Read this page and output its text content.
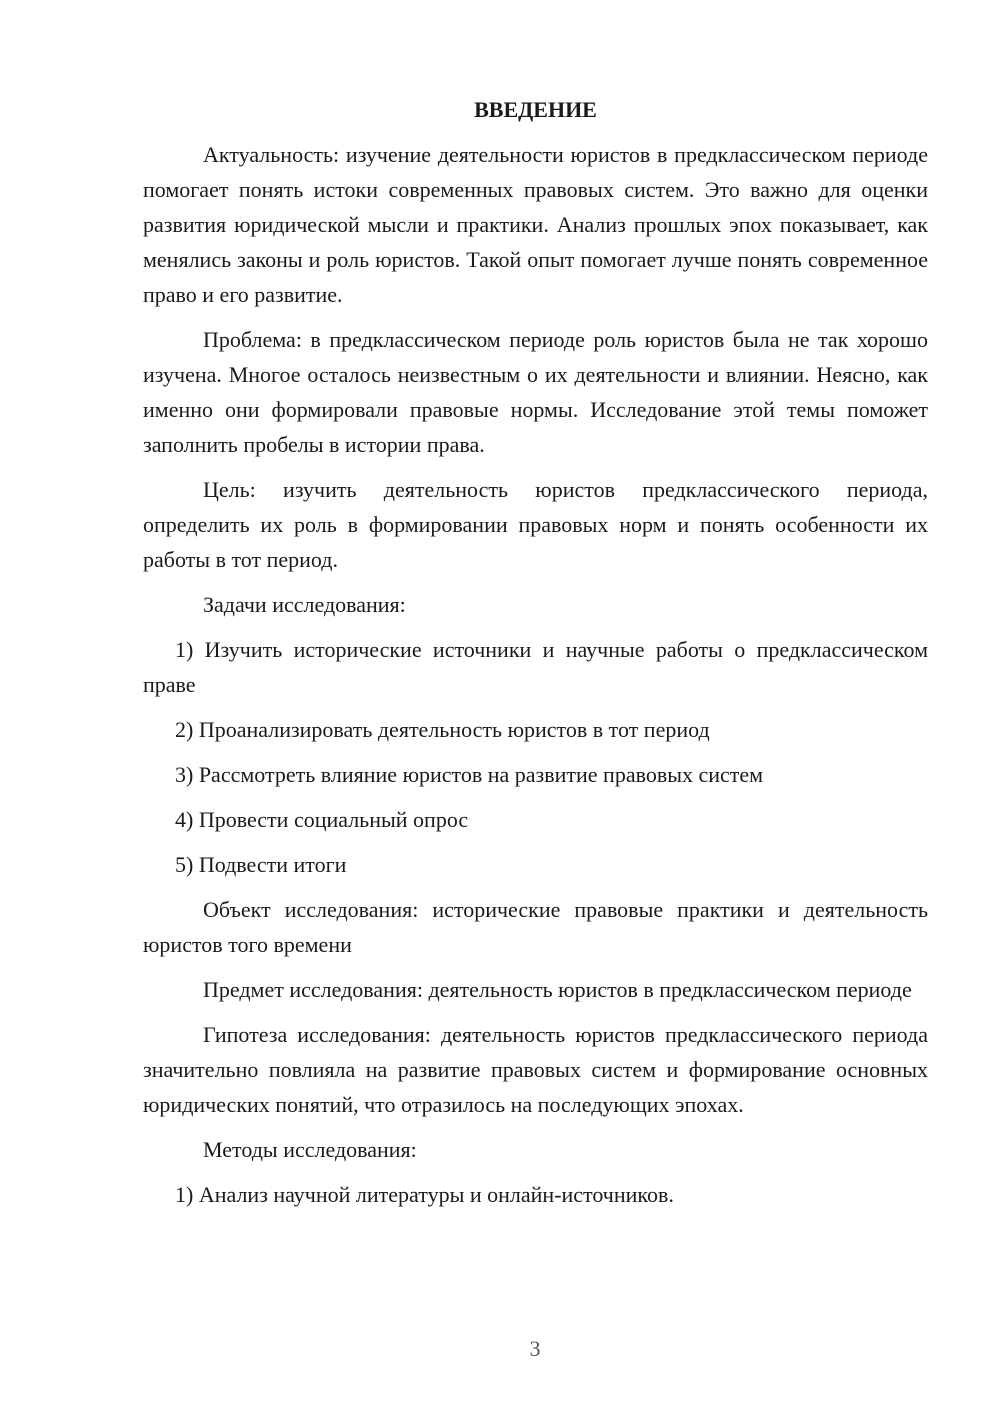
ВВЕДЕНИЕ

Актуальность: изучение деятельности юристов в предклассическом периоде помогает понять истоки современных правовых систем. Это важно для оценки развития юридической мысли и практики. Анализ прошлых эпох показывает, как менялись законы и роль юристов. Такой опыт помогает лучше понять современное право и его развитие.

Проблема: в предклассическом периоде роль юристов была не так хорошо изучена. Многое осталось неизвестным о их деятельности и влиянии. Неясно, как именно они формировали правовые нормы. Исследование этой темы поможет заполнить пробелы в истории права.

Цель: изучить деятельность юристов предклассического периода, определить их роль в формировании правовых норм и понять особенности их работы в тот период.

Задачи исследования:

1) Изучить исторические источники и научные работы о предклассическом праве

2) Проанализировать деятельность юристов в тот период

3) Рассмотреть влияние юристов на развитие правовых систем

4) Провести социальный опрос

5) Подвести итоги

Объект исследования: исторические правовые практики и деятельность юристов того времени

Предмет исследования: деятельность юристов в предклассическом периоде

Гипотеза исследования: деятельность юристов предклассического периода значительно повлияла на развитие правовых систем и формирование основных юридических понятий, что отразилось на последующих эпохах.

Методы исследования:

1) Анализ научной литературы и онлайн-источников.

3
